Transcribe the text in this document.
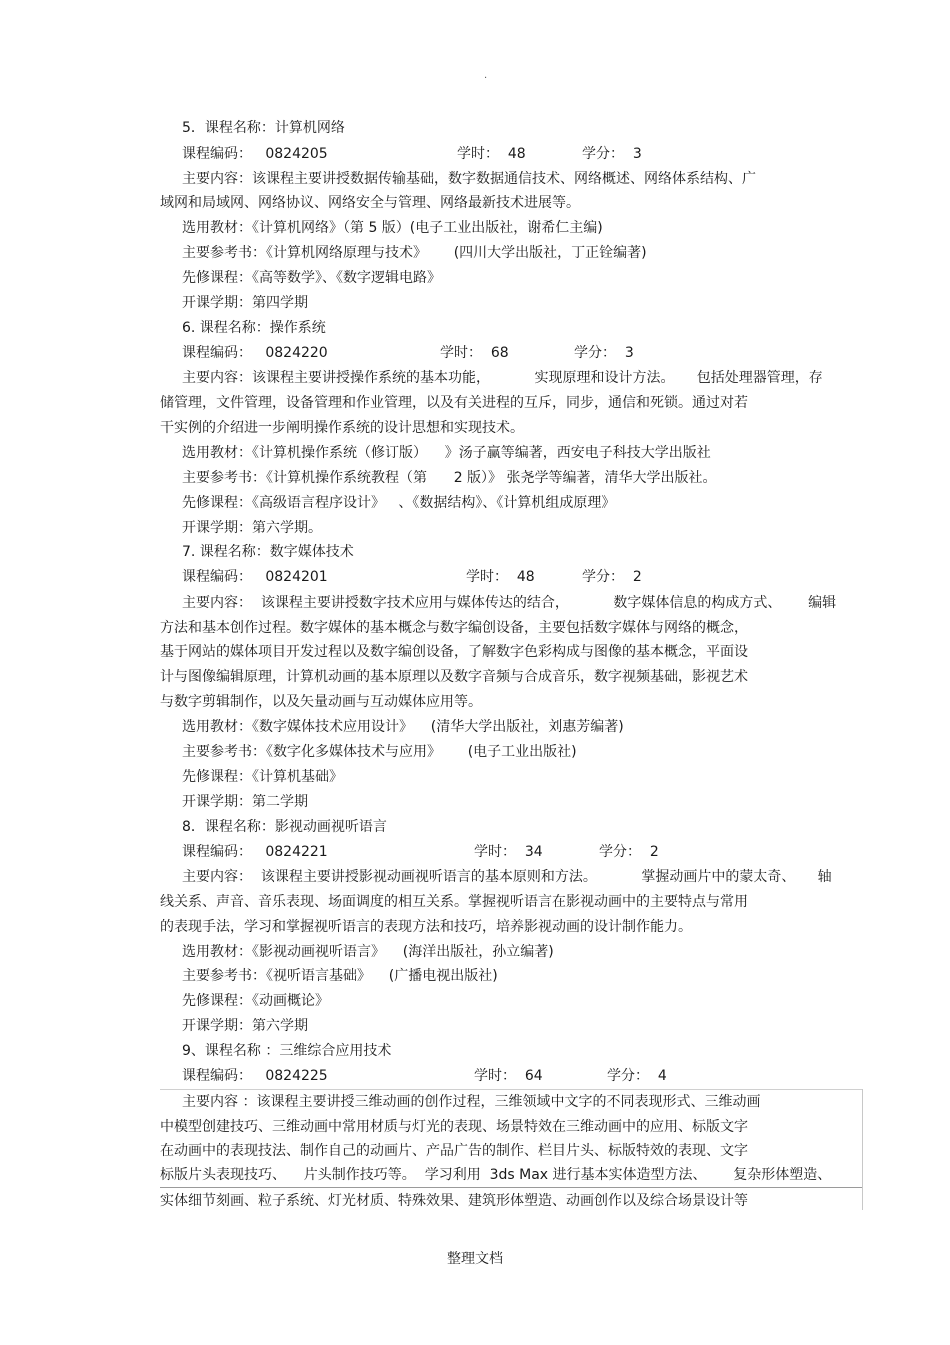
.
5．课程名称：计算机网络
课程编码：   0824205	学时：  48	学分：  3
主要内容：该课程主要讲授数据传输基础，数字数据通信技术、网络概述、网络体系结构、广
域网和局域网、网络协议、网络安全与管理、网络最新技术进展等。
选用教材：《计算机网络》（第 5 版）(电子工业出版社，谢希仁主编)
主要参考书：《计算机网络原理与技术》      (四川大学出版社，丁正铨编著)
先修课程：《高等数学》、《数字逻辑电路》
开课学期：第四学期
6. 课程名称：操作系统
课程编码：   0824220	学时：  68	学分：  3
主要内容：该课程主要讲授操作系统的基本功能，          实现原理和设计方法。     包括处理器管理，存
储管理，文件管理，设备管理和作业管理，以及有关进程的互斥，同步，通信和死锁。通过对若
干实例的介绍进一步阐明操作系统的设计思想和实现技术。
选用教材：《计算机操作系统（修订版）    》汤子赢等编著，西安电子科技大学出版社
主要参考书：《计算机操作系统教程（第      2 版）》 张尧学等编著，清华大学出版社。
先修课程：《高级语言程序设计》   、《数据结构》、《计算机组成原理》
开课学期：第六学期。
7. 课程名称：数字媒体技术
课程编码：   0824201	学时：  48	学分：  2
主要内容：  该课程主要讲授数字技术应用与媒体传达的结合，          数字媒体信息的构成方式、      编辑
方法和基本创作过程。数字媒体的基本概念与数字编创设备，主要包括数字媒体与网络的概念，
基于网站的媒体项目开发过程以及数字编创设备，了解数字色彩构成与图像的基本概念，平面设
计与图像编辑原理，计算机动画的基本原理以及数字音频与合成音乐，数字视频基础，影视艺术
与数字剪辑制作，以及矢量动画与互动媒体应用等。
选用教材：《数字媒体技术应用设计》    (清华大学出版社，刘惠芳编著)
主要参考书：《数字化多媒体技术与应用》      (电子工业出版社)
先修课程：《计算机基础》
开课学期：第二学期
8．课程名称：影视动画视听语言
课程编码：   0824221	学时：  34	学分：  2
主要内容：  该课程主要讲授影视动画视听语言的基本原则和方法。          掌握动画片中的蒙太奇、     轴
线关系、声音、音乐表现、场面调度的相互关系。掌握视听语言在影视动画中的主要特点与常用
的表现手法，学习和掌握视听语言的表现方法和技巧，培养影视动画的设计制作能力。
选用教材：《影视动画视听语言》    (海洋出版社，孙立编著)
主要参考书：《视听语言基础》    (广播电视出版社)
先修课程：《动画概论》
开课学期：第六学期
9、课程名称 ：三维综合应用技术
课程编码：   0824225	学时：  64	学分：  4
主要内容 ：该课程主要讲授三维动画的创作过程，三维领域中文字的不同表现形式、三维动画
中模型创建技巧、三维动画中常用材质与灯光的表现、场景特效在三维动画中的应用、标版文字
在动画中的表现技法、制作自己的动画片、产品广告的制作、栏目片头、标版特效的表现、文字
标版片头表现技巧、    片头制作技巧等。  学习利用  3ds Max 进行基本实体造型方法、      复杂形体塑造、
实体细节刻画、粒子系统、灯光材质、特殊效果、建筑形体塑造、动画创作以及综合场景设计等
整理文档
